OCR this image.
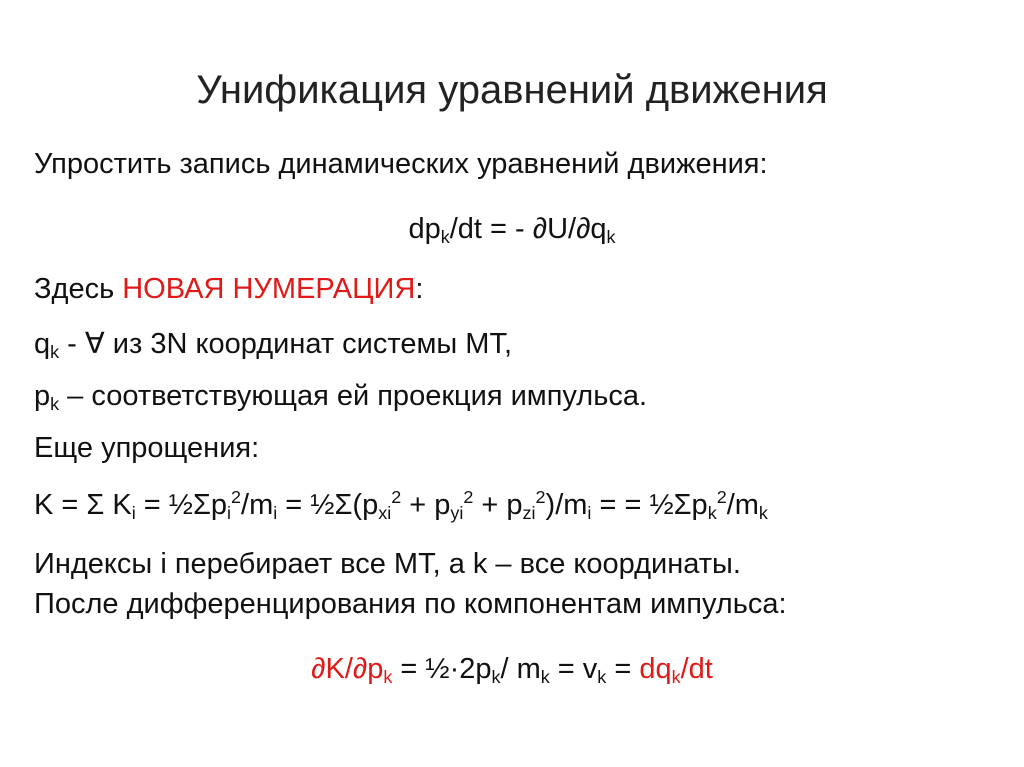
Унификация уравнений движения
Упростить запись динамических уравнений движения:
$dp_k/dt$ = - $\partial U/\partial q_k$
Здесь НОВАЯ НУМЕРАЦИЯ:
$q_k$ - ∀ из 3N координат системы МТ,
$p_k$ – соответствующая ей проекция импульса.
Еще упрощения:
K = Σ $K_i$ = $\frac{1}{2}\Sigma p_i^2/m_i$ = $\frac{1}{2}\Sigma(p_{xi}^2 + p_{yi}^2 + p_{zi}^2)/m_i$ = = $\frac{1}{2}\Sigma p_k^2/m_k$
Индексы i перебирает все МТ, а k – все координаты.
После дифференцирования по компонентам импульса:
$\partial K/\partial p_k$ = $\frac{1}{2}\cdot 2p_k/$ $m_k = v_k = dq_k/dt$
